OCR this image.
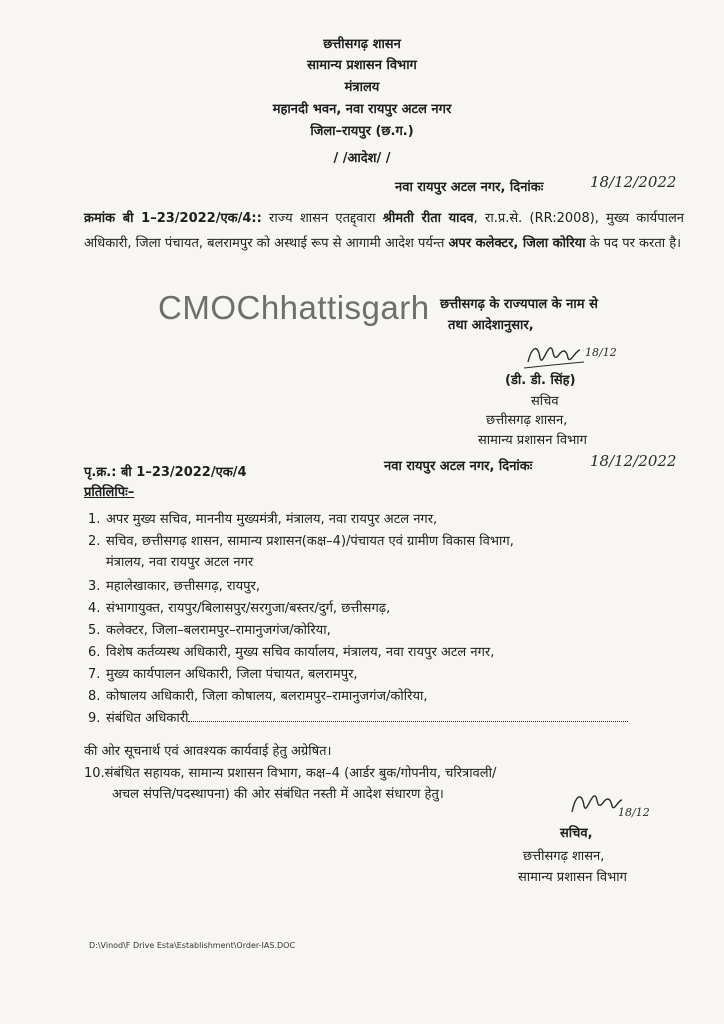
छत्तीसगढ़ शासन
सामान्य प्रशासन विभाग
मंत्रालय
महानदी भवन, नवा रायपुर अटल नगर
जिला–रायपुर (छ.ग.)
/ /आदेश/ /
नवा रायपुर अटल नगर, दिनांकः	18/12/2022
क्रमांक बी 1–23/2022/एक/4:: राज्य शासन एतद्द्वारा श्रीमती रीता यादव, रा.प्र.से. (RR:2008), मुख्य कार्यपालन अधिकारी, जिला पंचायत, बलरामपुर को अस्थाई रूप से आगामी आदेश पर्यन्त अपर कलेक्टर, जिला कोरिया के पद पर करता है।
CMOChhattisgarh छत्तीसगढ़ के राज्यपाल के नाम से
तथा आदेशानुसार,
18/12
(डी. डी. सिंह)
सचिव
छत्तीसगढ़ शासन,
सामान्य प्रशासन विभाग
पृ.क्र.: बी 1–23/2022/एक/4	नवा रायपुर अटल नगर, दिनांकः	18/12/2022
प्रतिलिपिः–
1. अपर मुख्य सचिव, माननीय मुख्यमंत्री, मंत्रालय, नवा रायपुर अटल नगर,
2. सचिव, छत्तीसगढ़ शासन, सामान्य प्रशासन(कक्ष–4)/पंचायत एवं ग्रामीण विकास विभाग,
मंत्रालय, नवा रायपुर अटल नगर
3. महालेखाकार, छत्तीसगढ़, रायपुर,
4. संभागायुक्त, रायपुर/बिलासपुर/सरगुजा/बस्तर/दुर्ग, छत्तीसगढ़,
5. कलेक्टर, जिला–बलरामपुर–रामानुजगंज/कोरिया,
6. विशेष कर्तव्यस्थ अधिकारी, मुख्य सचिव कार्यालय, मंत्रालय, नवा रायपुर अटल नगर,
7. मुख्य कार्यपालन अधिकारी, जिला पंचायत, बलरामपुर,
8. कोषालय अधिकारी, जिला कोषालय, बलरामपुर–रामानुजगंज/कोरिया,
9. संबंधित अधिकारी
की ओर सूचनार्थ एवं आवश्यक कार्यवाई हेतु अग्रेषित।
10.संबंधित सहायक, सामान्य प्रशासन विभाग, कक्ष–4 (आर्डर बुक/गोपनीय, चरित्रावली/
अचल संपत्ति/पदस्थापना) की ओर संबंधित नस्ती में आदेश संधारण हेतु।
18/12
सचिव,
छत्तीसगढ़ शासन,
सामान्य प्रशासन विभाग
D:\Vinod\F Drive Esta\Establishment\Order-IAS.DOC
